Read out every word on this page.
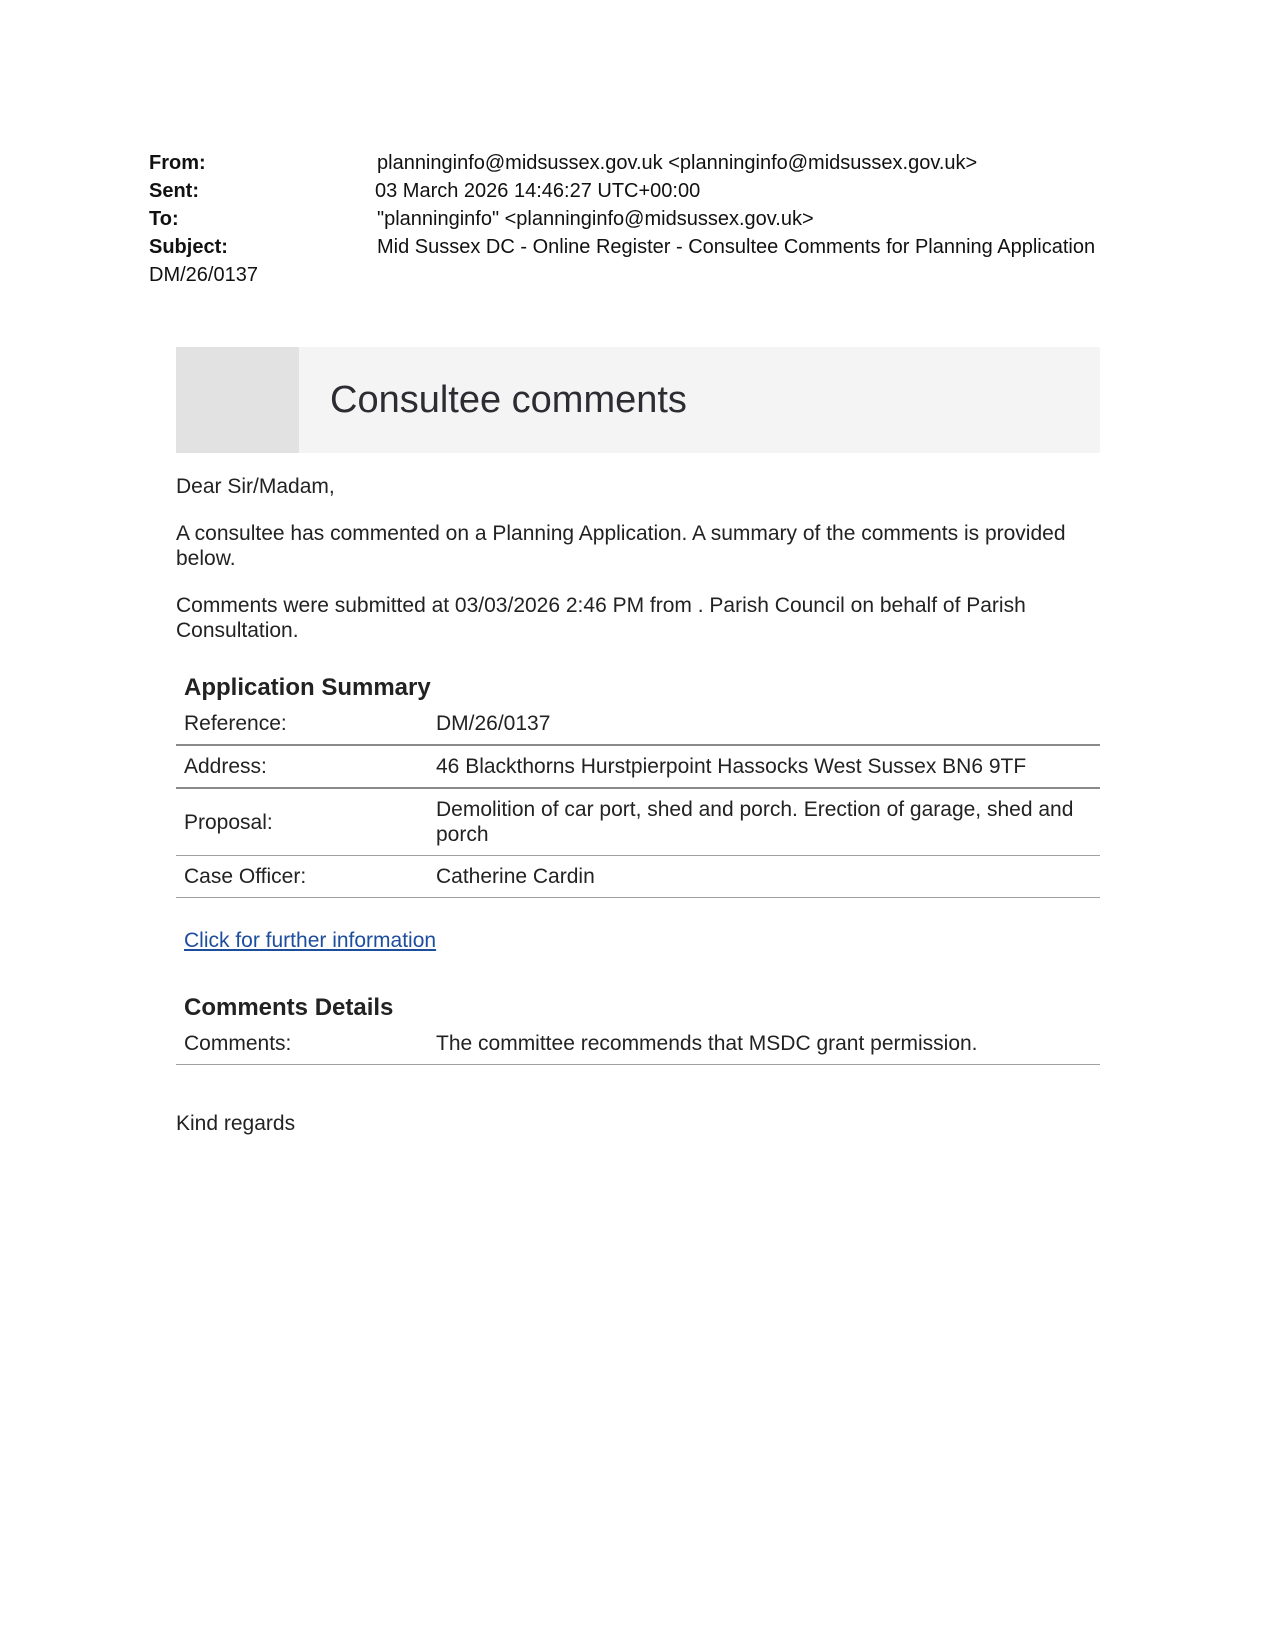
From:	planninginfo@midsussex.gov.uk <planninginfo@midsussex.gov.uk>
Sent:	03 March 2026 14:46:27 UTC+00:00
To:	"planninginfo" <planninginfo@midsussex.gov.uk>
Subject:	Mid Sussex DC - Online Register - Consultee Comments for Planning Application
DM/26/0137
Consultee comments

Dear Sir/Madam,

A consultee has commented on a Planning Application. A summary of the comments is provided below.

Comments were submitted at 03/03/2026 2:46 PM from . Parish Council on behalf of Parish Consultation.

Application Summary
Reference:	DM/26/0137
Address:	46 Blackthorns Hurstpierpoint Hassocks West Sussex BN6 9TF
Proposal:	Demolition of car port, shed and porch. Erection of garage, shed and porch
Case Officer:	Catherine Cardin
Click for further information
Comments Details
Comments:	The committee recommends that MSDC grant permission.

Kind regards
